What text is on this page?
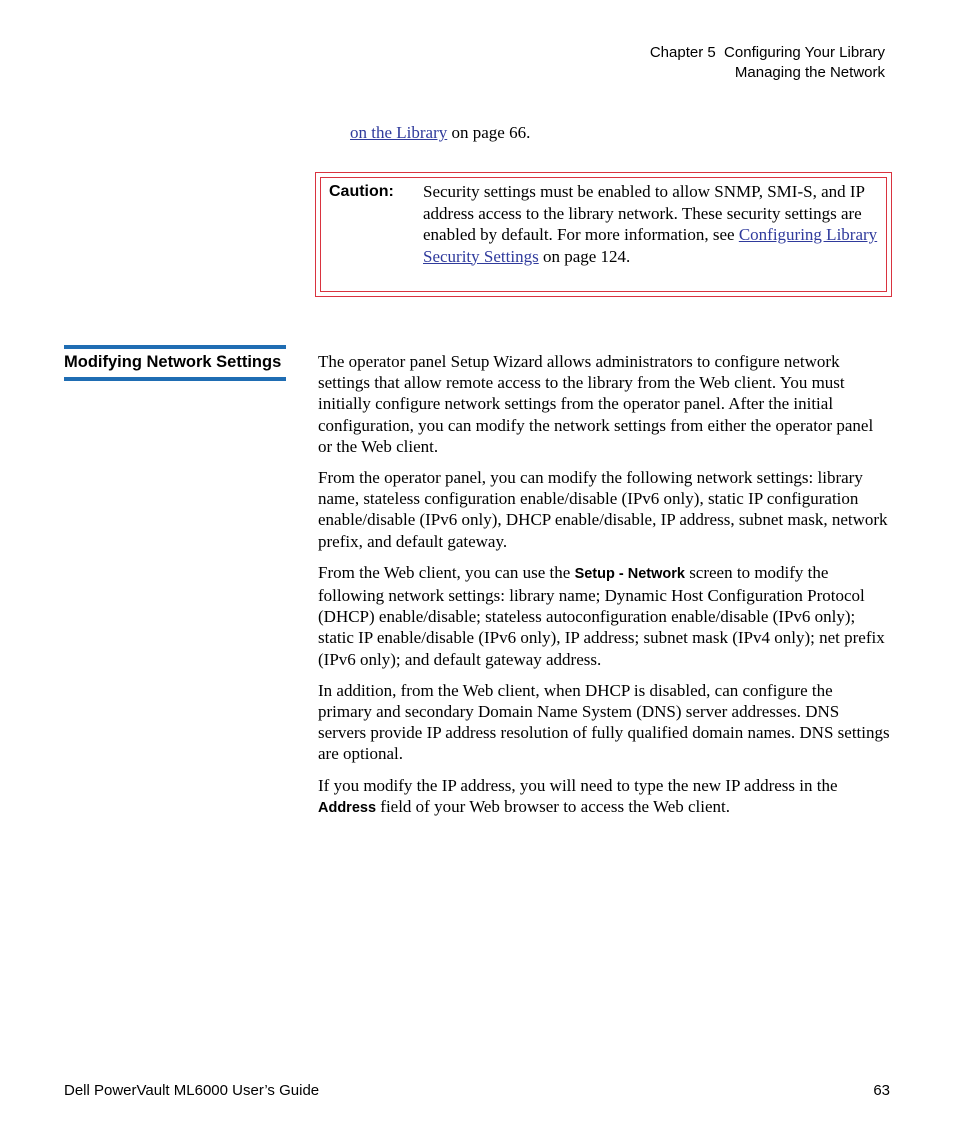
Chapter 5  Configuring Your Library
Managing the Network
on the Library on page 66.
Caution: Security settings must be enabled to allow SNMP, SMI-S, and IP address access to the library network. These security settings are enabled by default. For more information, see Configuring Library Security Settings on page 124.
Modifying Network Settings The operator panel Setup Wizard allows administrators to configure network settings that allow remote access to the library from the Web client. You must initially configure network settings from the operator panel. After the initial configuration, you can modify the network settings from either the operator panel or the Web client.

From the operator panel, you can modify the following network settings: library name, stateless configuration enable/disable (IPv6 only), static IP configuration enable/disable (IPv6 only), DHCP enable/disable, IP address, subnet mask, network prefix, and default gateway.

From the Web client, you can use the Setup - Network screen to modify the following network settings: library name; Dynamic Host Configuration Protocol (DHCP) enable/disable; stateless autoconfiguration enable/disable (IPv6 only); static IP enable/disable (IPv6 only), IP address; subnet mask (IPv4 only); net prefix (IPv6 only); and default gateway address.

In addition, from the Web client, when DHCP is disabled, can configure the primary and secondary Domain Name System (DNS) server addresses. DNS servers provide IP address resolution of fully qualified domain names. DNS settings are optional.

If you modify the IP address, you will need to type the new IP address in the Address field of your Web browser to access the Web client.

Dell PowerVault ML6000 User’s Guide	63
